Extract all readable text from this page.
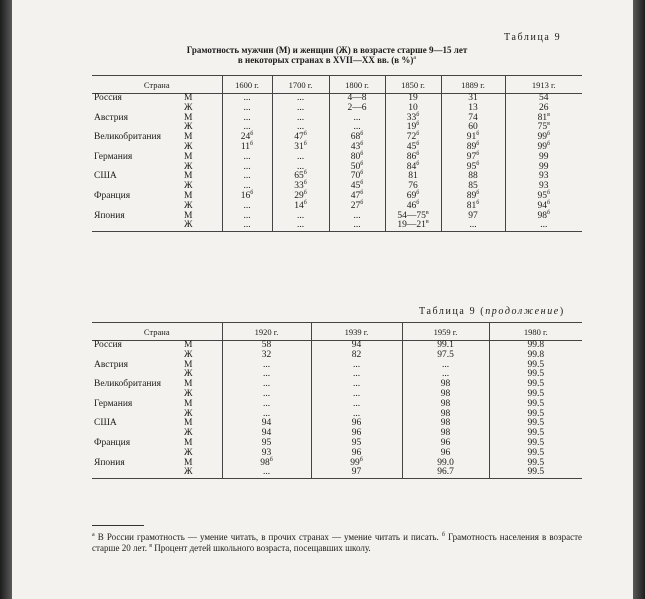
Таблица 9
Грамотность мужчин (М) и женщин (Ж) в возрасте старше 9—15 лет
в некоторых странах в XVII—XX вв. (в %)$^а$
Страна		1600 г.	1700 г.	1800 г.	1850 г.	1889 г.	1913 г.
Россия	М	...	...	4—8	19	31	54
	Ж	...	...	2—6	10	13	26
Австрия	М	...	...	...	$33^б$	74	$81^в$
	Ж	...	...	...	$19^б$	60	$75^в$
Великобритания	М	$24^б$	$47^б$	$68^б$	$72^б$	$91^б$	$99^б$
	Ж	$11^б$	$31^б$	$43^б$	$45^б$	$89^б$	$99^б$
Германия	М	...	...	$80^б$	$86^б$	$97^б$	99
	Ж	...	...	$50^б$	$84^б$	$95^б$	99
США	М	...	$65^б$	$70^б$	81	88	93
	Ж	...	$33^б$	$45^б$	76	85	93
Франция	М	$16^б$	$29^б$	$47^б$	$69^б$	$89^б$	$95^б$
	Ж	...	$14^б$	$27^б$	$46^б$	$81^б$	$94^б$
Япония	М	...	...	...	$54—75^в$	97	$98^б$
	Ж	...	...	...	$19—21^в$	...	...
Таблица 9 (продолжение)
Страна		1920 г.	1939 г.	1959 г.	1980 г.
Россия	М	58	94	99.1	99.8
	Ж	32	82	97.5	99.8
Австрия	М	...	...	...	99.5
	Ж	...	...	...	99.5
Великобритания	М	...	...	98	99.5
	Ж	...	...	98	99.5
Германия	М	...	...	98	99.5
	Ж	...	...	98	99.5
США	М	94	96	98	99.5
	Ж	94	96	98	99.5
Франция	М	95	95	96	99.5
	Ж	93	96	96	99.5
Япония	М	$98^б$	$99^б$	99.0	99.5
	Ж	...	97	96.7	99.5
$^а$ В России грамотность — умение читать, в прочих странах — умение читать и писать. $^б$ Грамотность населения в возрасте старше 20 лет. $^в$ Процент детей школьного возраста, посещавших школу.
